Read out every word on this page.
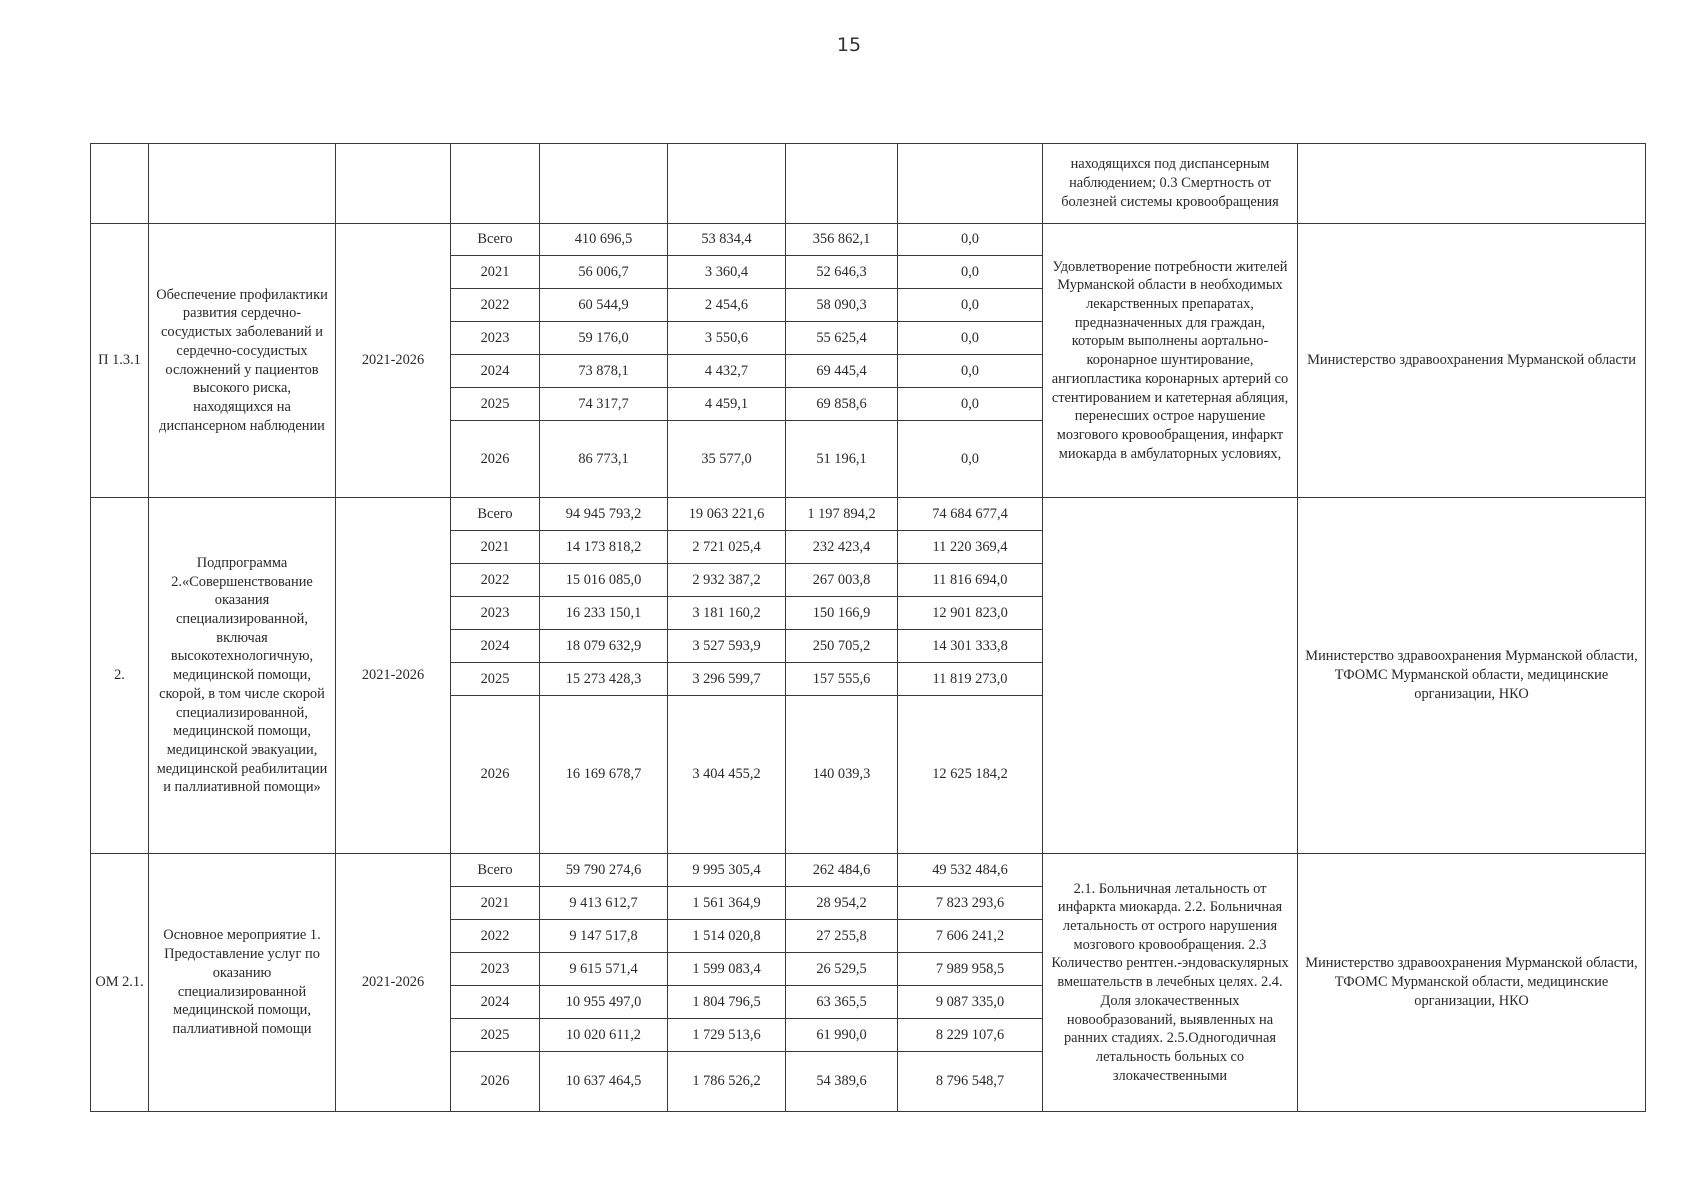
15
								находящихся под диспансерным наблюдением; 0.3 Смертность от болезней системы кровообращения	
П 1.3.1	Обеспечение профилактики развития сердечно-сосудистых заболеваний и сердечно-сосудистых осложнений у пациентов высокого риска, находящихся на диспансерном наблюдении	2021-2026	Всего	410 696,5	53 834,4	356 862,1	0,0	Удовлетворение потребности жителей Мурманской области в необходимых лекарственных препаратах, предназначенных для граждан, которым выполнены аортально-коронарное шунтирование, ангиопластика коронарных артерий со стентированием и катетерная абляция, перенесших острое нарушение мозгового кровообращения, инфаркт миокарда в амбулаторных условиях,	Министерство здравоохранения Мурманской области
			2021	56 006,7	3 360,4	52 646,3	0,0		
			2022	60 544,9	2 454,6	58 090,3	0,0		
			2023	59 176,0	3 550,6	55 625,4	0,0		
			2024	73 878,1	4 432,7	69 445,4	0,0		
			2025	74 317,7	4 459,1	69 858,6	0,0		
			2026	86 773,1	35 577,0	51 196,1	0,0		
2.	Подпрограмма 2.«Совершенствование оказания специализированной, включая высокотехнологичную, медицинской помощи, скорой, в том числе скорой специализированной, медицинской помощи, медицинской эвакуации, медицинской реабилитации и паллиативной помощи»	2021-2026	Всего	94 945 793,2	19 063 221,6	1 197 894,2	74 684 677,4		Министерство здравоохранения Мурманской области, ТФОМС Мурманской области, медицинские организации, НКО
			2021	14 173 818,2	2 721 025,4	232 423,4	11 220 369,4		
			2022	15 016 085,0	2 932 387,2	267 003,8	11 816 694,0		
			2023	16 233 150,1	3 181 160,2	150 166,9	12 901 823,0		
			2024	18 079 632,9	3 527 593,9	250 705,2	14 301 333,8		
			2025	15 273 428,3	3 296 599,7	157 555,6	11 819 273,0		
			2026	16 169 678,7	3 404 455,2	140 039,3	12 625 184,2		
ОМ 2.1.	Основное мероприятие 1. Предоставление услуг по оказанию специализированной медицинской помощи, паллиативной помощи	2021-2026	Всего	59 790 274,6	9 995 305,4	262 484,6	49 532 484,6	2.1. Больничная летальность от инфаркта миокарда. 2.2. Больничная летальность от острого нарушения мозгового кровообращения. 2.3 Количество рентген.-эндоваскулярных вмешательств в лечебных целях. 2.4. Доля злокачественных новообразований, выявленных на ранних стадиях. 2.5.Одногодичная летальность больных со злокачественными	Министерство здравоохранения Мурманской области, ТФОМС Мурманской области, медицинские организации, НКО
			2021	9 413 612,7	1 561 364,9	28 954,2	7 823 293,6		
			2022	9 147 517,8	1 514 020,8	27 255,8	7 606 241,2		
			2023	9 615 571,4	1 599 083,4	26 529,5	7 989 958,5		
			2024	10 955 497,0	1 804 796,5	63 365,5	9 087 335,0		
			2025	10 020 611,2	1 729 513,6	61 990,0	8 229 107,6		
			2026	10 637 464,5	1 786 526,2	54 389,6	8 796 548,7		
